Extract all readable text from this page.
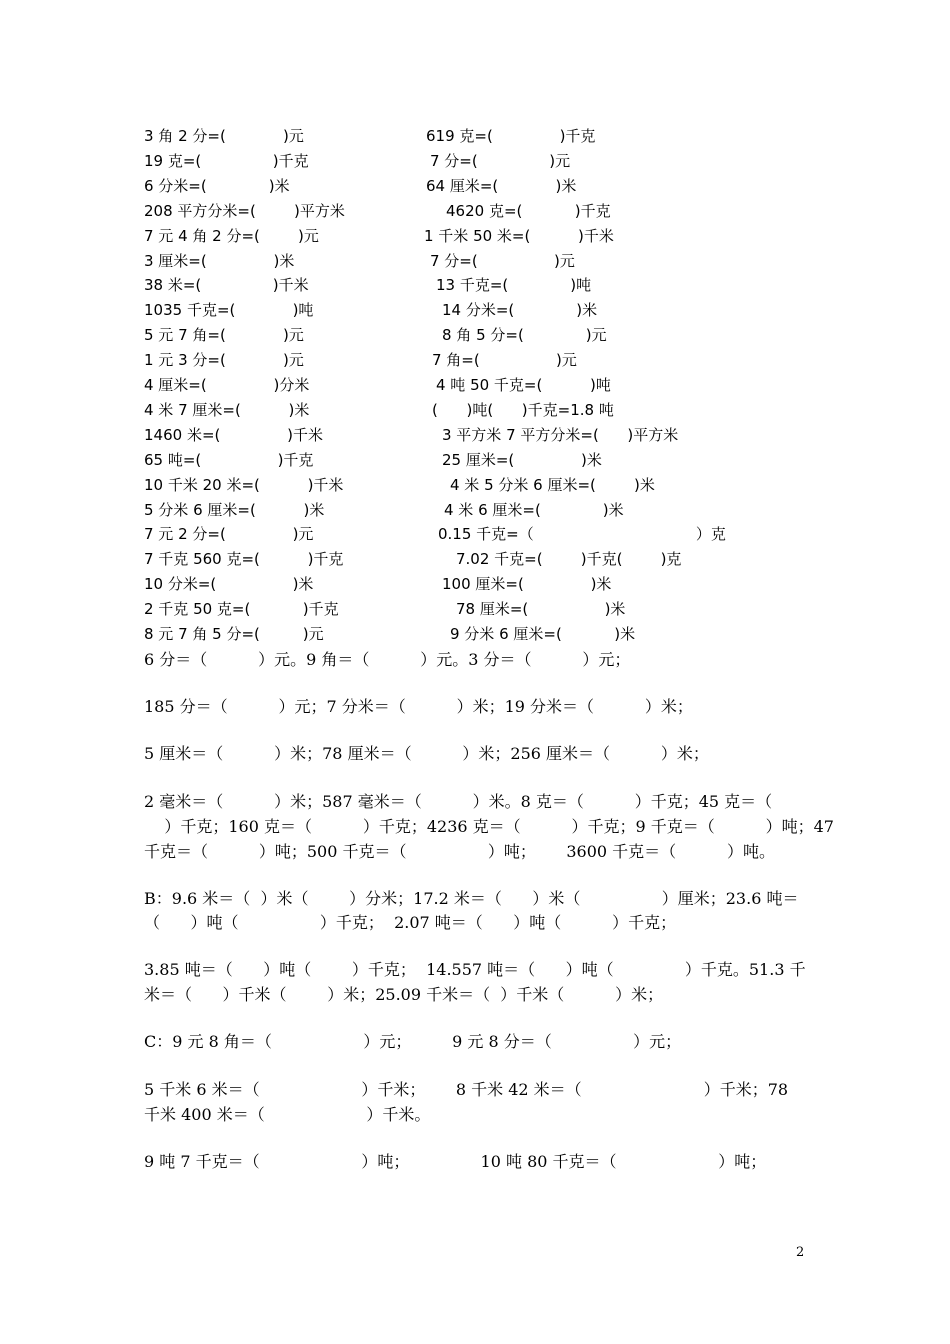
3 角 2 分=(            )元	619 克=(              )千克
19 克=(               )千克	7 分=(               )元
6 分米=(             )米	64 厘米=(            )米
208 平方分米=(        )平方米	4620 克=(           )千克
7 元 4 角 2 分=(        )元	1 千米 50 米=(          )千米
3 厘米=(              )米	7 分=(                )元
38 米=(               )千米	13 千克=(             )吨
1035 千克=(            )吨	14 分米=(             )米
5 元 7 角=(            )元	8 角 5 分=(             )元
1 元 3 分=(            )元	7 角=(                )元
4 厘米=(              )分米	4 吨 50 千克=(          )吨
4 米 7 厘米=(          )米	(      )吨(      )千克=1.8 吨
1460 米=(              )千米	3 平方米 7 平方分米=(      )平方米
65 吨=(                )千克	25 厘米=(              )米
10 千米 20 米=(          )千米	4 米 5 分米 6 厘米=(        )米
5 分米 6 厘米=(          )米	4 米 6 厘米=(             )米
7 元 2 分=(              )元	0.15 千克=（                                  ）克
7 千克 560 克=(          )千克	7.02 千克=(        )千克(        )克
10 分米=(                )米	100 厘米=(              )米
2 千克 50 克=(           )千克	78 厘米=(                )米
8 元 7 角 5 分=(         )元	9 分米 6 厘米=(           )米
6 分＝（          ）元。9 角＝（          ）元。3 分＝（          ）元；
185 分＝（          ）元；7 分米＝（          ）米；19 分米＝（          ）米；
5 厘米＝（          ）米；78 厘米＝（          ）米；256 厘米＝（          ）米；
2 毫米＝（          ）米；587 毫米＝（          ）米。8 克＝（          ）千克；45 克＝（
）千克；160 克＝（          ）千克；4236 克＝（          ）千克；9 千克＝（          ）吨；47
千克＝（          ）吨；500 千克＝（                ）吨；      3600 千克＝（          ）吨。
B：9.6 米＝（  ）米（        ）分米；17.2 米＝（      ）米（                ）厘米；23.6 吨＝
（      ）吨（                ）千克；  2.07 吨＝（      ）吨（          ）千克；
3.85 吨＝（      ）吨（        ）千克；  14.557 吨＝（      ）吨（              ）千克。51.3 千
米＝（      ）千米（        ）米；25.09 千米＝（  ）千米（          ）米；
C：9 元 8 角＝（                  ）元；        9 元 8 分＝（                ）元；
5 千米 6 米＝（                    ）千米；      8 千米 42 米＝（                        ）千米；78
千米 400 米＝（                    ）千米。
9 吨 7 千克＝（                    ）吨；              10 吨 80 千克＝（                    ）吨；
2
